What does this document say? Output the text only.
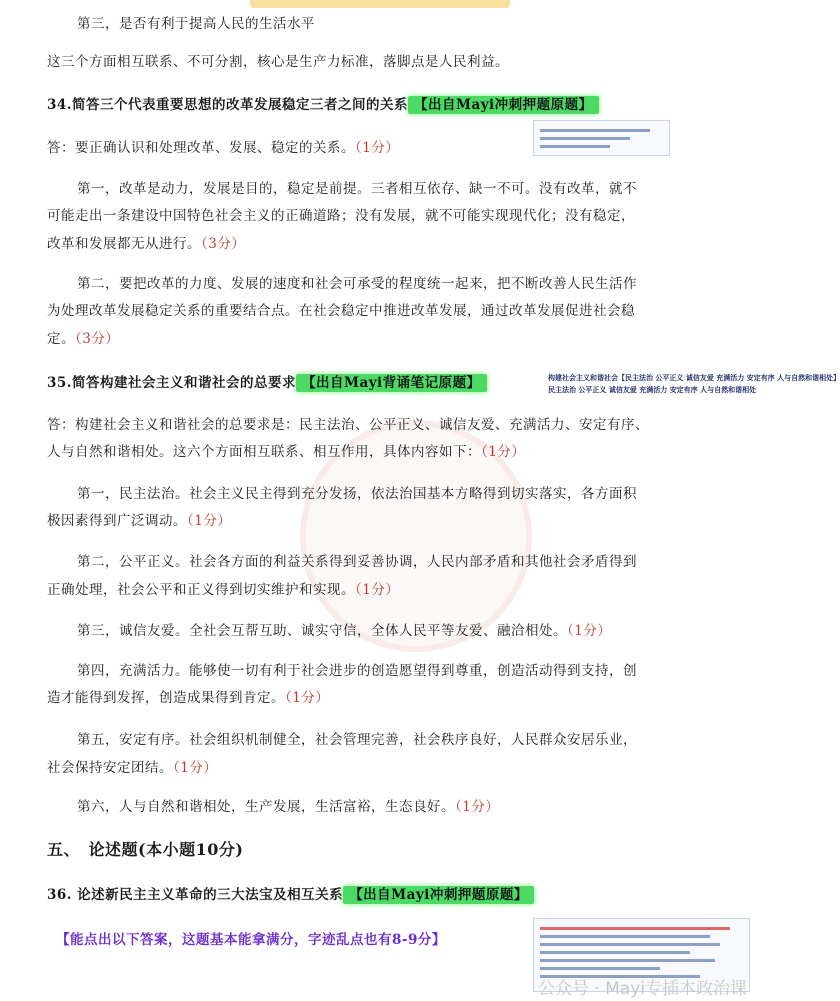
第三，是否有利于提高人民的生活水平
这三个方面相互联系、不可分割，核心是生产力标准，落脚点是人民利益。
34.简答三个代表重要思想的改革发展稳定三者之间的关系 【出自Mayi冲刺押题原题】
答：要正确认识和处理改革、发展、稳定的关系。（1分）
第一，改革是动力，发展是目的，稳定是前提。三者相互依存、缺一不可。没有改革，就不
可能走出一条建设中国特色社会主义的正确道路；没有发展，就不可能实现现代化；没有稳定，
改革和发展都无从进行。（3分）
第二，要把改革的力度、发展的速度和社会可承受的程度统一起来，把不断改善人民生活作
为处理改革发展稳定关系的重要结合点。在社会稳定中推进改革发展，通过改革发展促进社会稳
定。（3分）
35.简答构建社会主义和谐社会的总要求 【出自Mayi背诵笔记原题】	构建社会主义和谐社会【民主法治 公平正义 诚信友爱 充满活力 安定有序 人与自然和谐相处】
民主法治 公平正义 诚信友爱 充满活力 安定有序 人与自然和谐相处
答：构建社会主义和谐社会的总要求是：民主法治、公平正义、诚信友爱、充满活力、安定有序、
人与自然和谐相处。这六个方面相互联系、相互作用，具体内容如下：（1分）
第一，民主法治。社会主义民主得到充分发扬，依法治国基本方略得到切实落实，各方面积
极因素得到广泛调动。（1分）
第二，公平正义。社会各方面的利益关系得到妥善协调，人民内部矛盾和其他社会矛盾得到
正确处理，社会公平和正义得到切实维护和实现。（1分）
第三，诚信友爱。全社会互帮互助、诚实守信，全体人民平等友爱、融洽相处。（1分）
第四，充满活力。能够使一切有利于社会进步的创造愿望得到尊重，创造活动得到支持，创
造才能得到发挥，创造成果得到肯定。（1分）
第五，安定有序。社会组织机制健全，社会管理完善，社会秩序良好，人民群众安居乐业，
社会保持安定团结。（1分）
第六，人与自然和谐相处，生产发展，生活富裕，生态良好。（1分）
五、　论述题(本小题10分)
36. 论述新民主主义革命的三大法宝及相互关系 【出自Mayi冲刺押题原题】
【能点出以下答案，这题基本能拿满分，字迹乱点也有8-9分】
公众号 · Mayi专插本政治课
